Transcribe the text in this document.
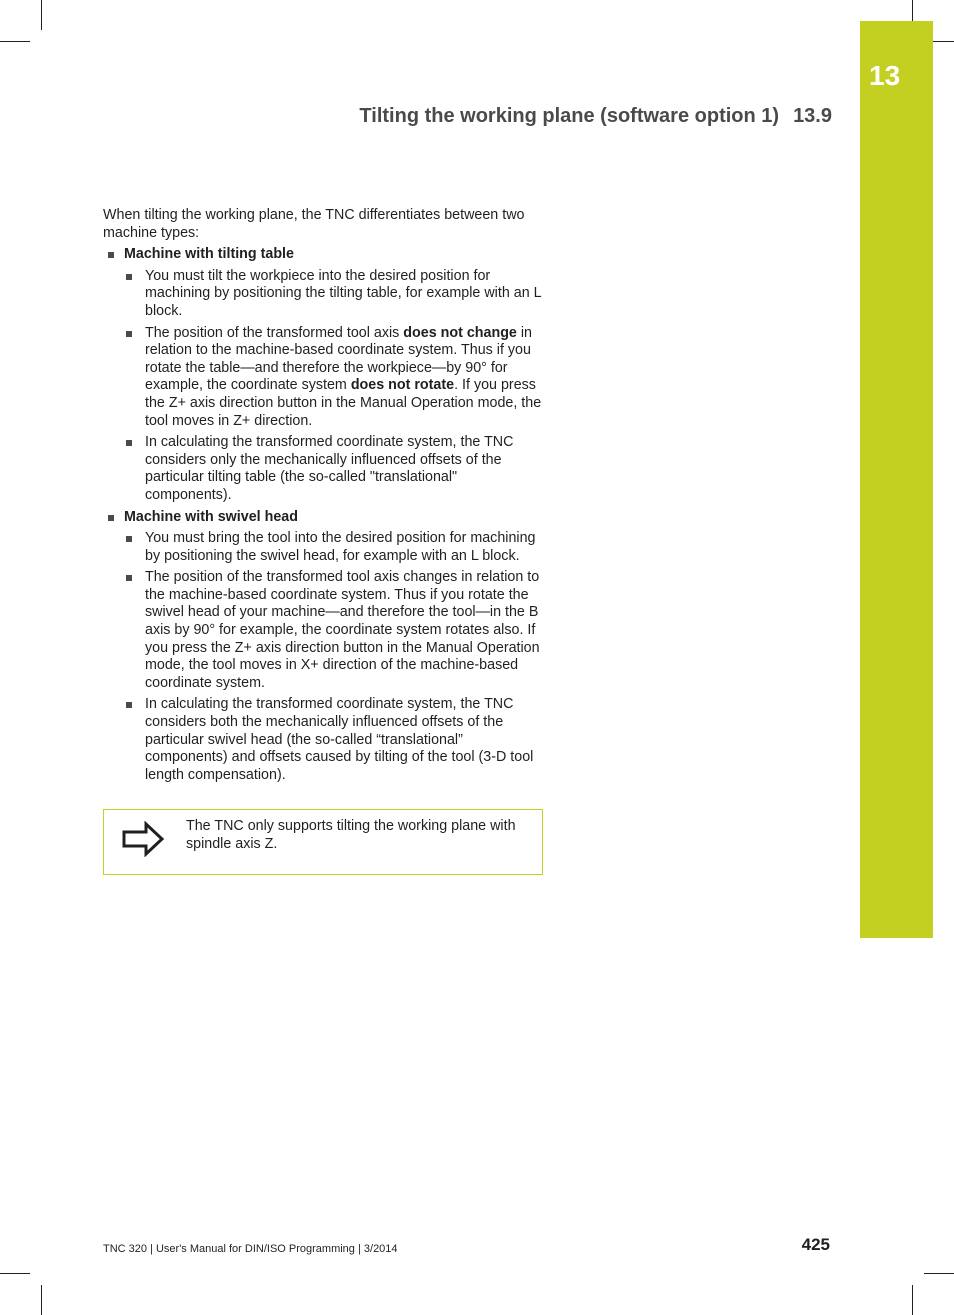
13
Tilting the working plane (software option 1) 13.9

When tilting the working plane, the TNC differentiates between two machine types:

Machine with tilting table
You must tilt the workpiece into the desired position for machining by positioning the tilting table, for example with an L block.
The position of the transformed tool axis does not change in relation to the machine-based coordinate system. Thus if you rotate the table—and therefore the workpiece—by 90° for example, the coordinate system does not rotate. If you press the Z+ axis direction button in the Manual Operation mode, the tool moves in Z+ direction.
In calculating the transformed coordinate system, the TNC considers only the mechanically influenced offsets of the particular tilting table (the so-called "translational" components).
Machine with swivel head
You must bring the tool into the desired position for machining by positioning the swivel head, for example with an L block.
The position of the transformed tool axis changes in relation to the machine-based coordinate system. Thus if you rotate the swivel head of your machine—and therefore the tool—in the B axis by 90° for example, the coordinate system rotates also. If you press the Z+ axis direction button in the Manual Operation mode, the tool moves in X+ direction of the machine-based coordinate system.
In calculating the transformed coordinate system, the TNC considers both the mechanically influenced offsets of the particular swivel head (the so-called “translational” components) and offsets caused by tilting of the tool (3-D tool length compensation).
The TNC only supports tilting the working plane with spindle axis Z.
TNC 320 | User's Manual for DIN/ISO Programming | 3/2014	425
